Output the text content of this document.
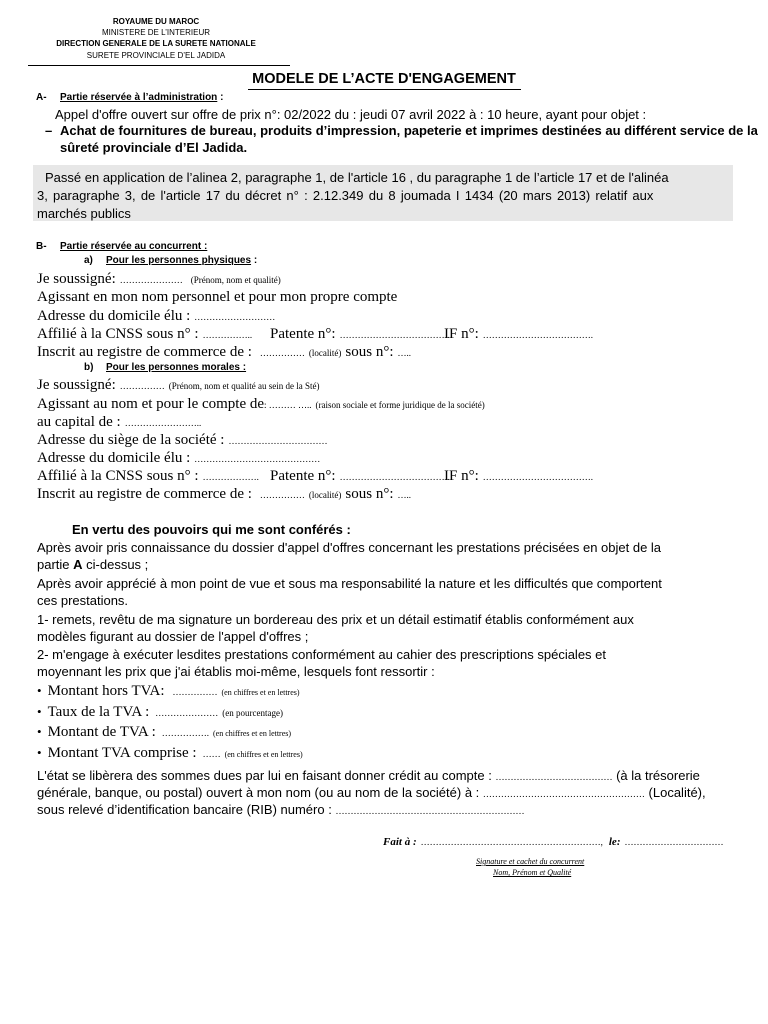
ROYAUME DU MAROC
MINISTERE DE L’INTERIEUR
DIRECTION GENERALE DE LA SURETE NATIONALE
SURETE PROVINCIALE D’EL JADIDA
MODELE DE L’ACTE D'ENGAGEMENT
A- Partie réservée à l’administration :
Appel d'offre ouvert sur offre de prix n°: 02/2022 du : jeudi 07 avril 2022 à : 10 heure, ayant pour objet :
– Achat de fournitures de bureau, produits d’impression, papeterie et imprimes destinées au différent service de la
sûreté provinciale d’El Jadida.
Passé en application de l’alinea 2, paragraphe 1, de l'article 16 , du paragraphe 1 de l’article 17 et de l'alinéa
3, paragraphe 3, de l'article 17 du décret n° : 2.12.349 du 8 joumada I 1434 (20 mars 2013) relatif aux
marchés publics
B- Partie réservée au concurrent :
a) Pour les personnes physiques :
Je soussigné: ………………… (Prénom, nom et qualité)
Agissant en mon nom personnel et pour mon propre compte
Adresse du domicile élu : ………………………
Affilié à la CNSS sous n° : …………….. Patente n°: ……………………………….
IF n°: ……………………………….
Inscrit au registre de commerce de : …………… (localité) sous n°: …..
b) Pour les personnes morales :
Je soussigné: …………… (Prénom, nom et qualité au sein de la Sté)
Agissant au nom et pour le compte de: ……… ….. (raison sociale et forme juridique de la société)
au capital de : ……………………..
Adresse du siège de la société : ……………………………
Adresse du domicile élu : ……………………………………
Affilié à la CNSS sous n° : ………………. Patente n°: ……………………………….
IF n°: ……………………………….
Inscrit au registre de commerce de : …………… (localité) sous n°: …..
En vertu des pouvoirs qui me sont conférés :
Après avoir pris connaissance du dossier d'appel d'offres concernant les prestations précisées en objet de la
partie A ci-dessus ;
Après avoir apprécié à mon point de vue et sous ma responsabilité la nature et les difficultés que comportent
ces prestations.
1- remets, revêtu de ma signature un bordereau des prix et un détail estimatif établis conformément aux
modèles figurant au dossier de l'appel d'offres ;
2- m'engage à exécuter lesdites prestations conformément au cahier des prescriptions spéciales et
moyennant les prix que j'ai établis moi-même, lesquels font ressortir :
• Montant hors TVA: …………… (en chiffres et en lettres)
• Taux de la TVA : ………………… (en pourcentage)
• Montant de TVA : ……………. (en chiffres et en lettres)
• Montant TVA comprise : …… (en chiffres et en lettres)
L'état se libèrera des sommes dues par lui en faisant donner crédit au compte : ………………………………… (à la trésorerie
générale, banque, ou postal) ouvert à mon nom (ou au nom de la société) à : ……………………………………………… (Localité),
sous relevé d’identification bancaire (RIB) numéro : ………………………………………………………
Fait à : ……………………………………………………, le: ……………………………
Signature et cachet du concurrent
Nom, Prénom et Qualité
